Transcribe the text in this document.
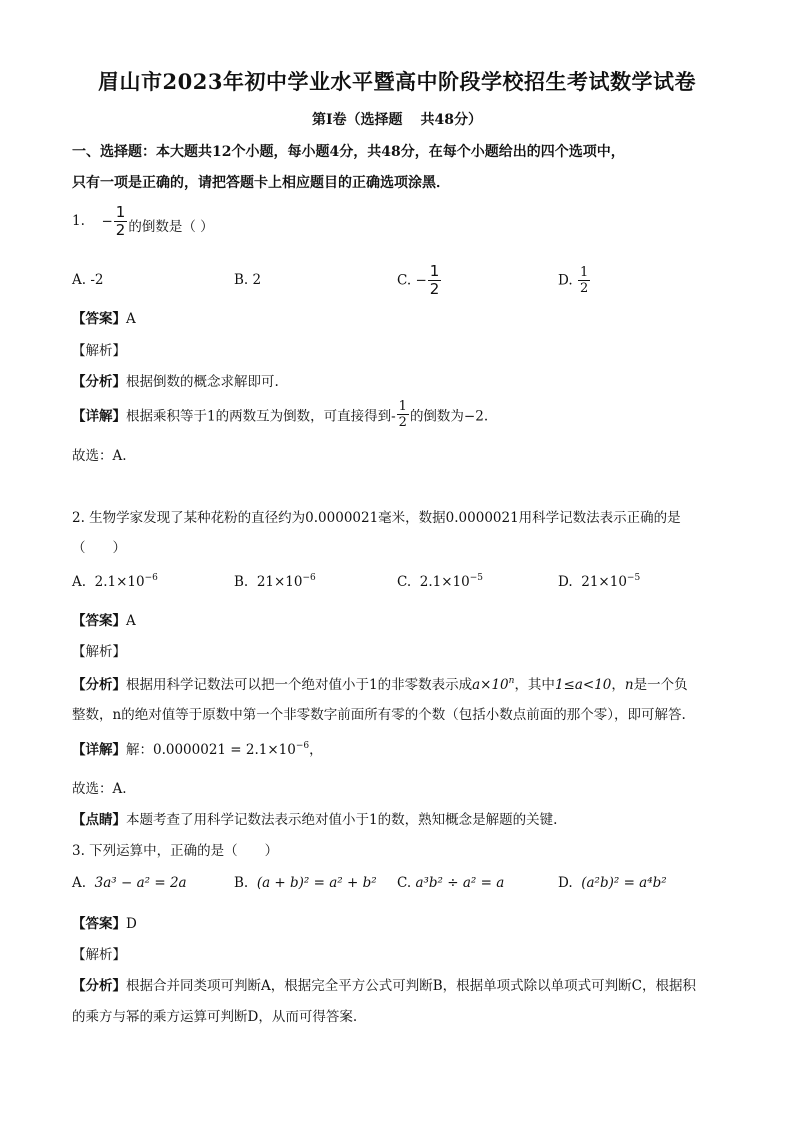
眉山市2023年初中学业水平暨高中阶段学校招生考试数学试卷
第Ⅰ卷（选择题 共48分）
一、选择题：本大题共12个小题，每小题4分，共48分，在每个小题给出的四个选项中，
只有一项是正确的，请把答题卡上相应题目的正确选项涂黑．
1. − $\frac{1}{2}$ 的倒数是（ ）
A. -2	B. 2	C. − $\frac{1}{2}$	D. $\frac{1}{2}$
【答案】A
【解析】
【分析】根据倒数的概念求解即可.
【详解】根据乘积等于1的两数互为倒数，可直接得到- $\frac{1}{2}$ 的倒数为−2.
故选：A.
2. 生物学家发现了某种花粉的直径约为0.0000021毫米，数据0.0000021用科学记数法表示正确的是
（　　）
A. $2.1\times 10^{-6}$	B. $21\times 10^{-6}$	C. $2.1\times 10^{-5}$	D. $21\times 10^{-5}$
【答案】A
【解析】
【分析】根据用科学记数法可以把一个绝对值小于1的非零数表示成$a\times 10^n$，其中1≤a<10，n是一个负
整数，n的绝对值等于原数中第一个非零数字前面所有零的个数（包括小数点前面的那个零），即可解答.
【详解】解：$0.0000021 = 2.1\times 10^{-6}$，
故选：A.
【点睛】本题考查了用科学记数法表示绝对值小于1的数，熟知概念是解题的关键.
3. 下列运算中，正确的是（　　）
A. 3a³ − a² = 2a	B. (a + b)² = a² + b² C. a³b² ÷ a² = a	D. (a²b)² = a⁴b²
【答案】D
【解析】
【分析】根据合并同类项可判断A，根据完全平方公式可判断B，根据单项式除以单项式可判断C，根据积
的乘方与幂的乘方运算可判断D，从而可得答案.
